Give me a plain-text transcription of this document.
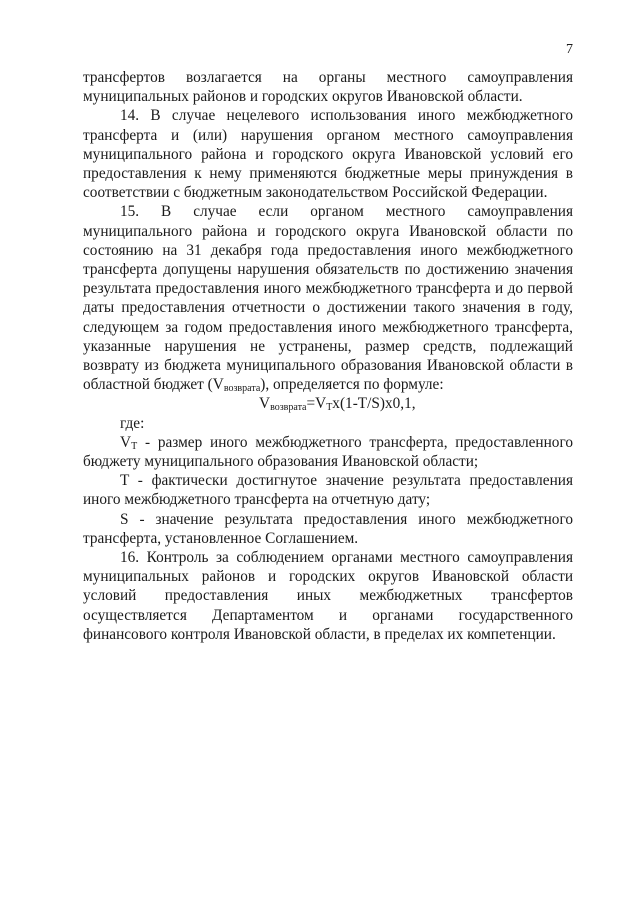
7

трансфертов возлагается на органы местного самоуправления муниципальных районов и городских округов Ивановской области.

14. В случае нецелевого использования иного межбюджетного трансферта и (или) нарушения органом местного самоуправления муниципального района и городского округа Ивановской условий его предоставления к нему применяются бюджетные меры принуждения в соответствии с бюджетным законодательством Российской Федерации.

15. В случае если органом местного самоуправления муниципального района и городского округа Ивановской области по состоянию на 31 декабря года предоставления иного межбюджетного трансферта допущены нарушения обязательств по достижению значения результата предоставления иного межбюджетного трансферта и до первой даты предоставления отчетности о достижении такого значения в году, следующем за годом предоставления иного межбюджетного трансферта, указанные нарушения не устранены, размер средств, подлежащий возврату из бюджета муниципального образования Ивановской области в областной бюджет $(V_{возврата})$, определяется по формуле:

$V_{возврата}=V_Tx(1-T/S)x0,1$,

где:

$V_T$ - размер иного межбюджетного трансферта, предоставленного бюджету муниципального образования Ивановской области;

T - фактически достигнутое значение результата предоставления иного межбюджетного трансферта на отчетную дату;

S - значение результата предоставления иного межбюджетного трансферта, установленное Соглашением.

16. Контроль за соблюдением органами местного самоуправления муниципальных районов и городских округов Ивановской области условий предоставления иных межбюджетных трансфертов осуществляется Департаментом и органами государственного финансового контроля Ивановской области, в пределах их компетенции.
